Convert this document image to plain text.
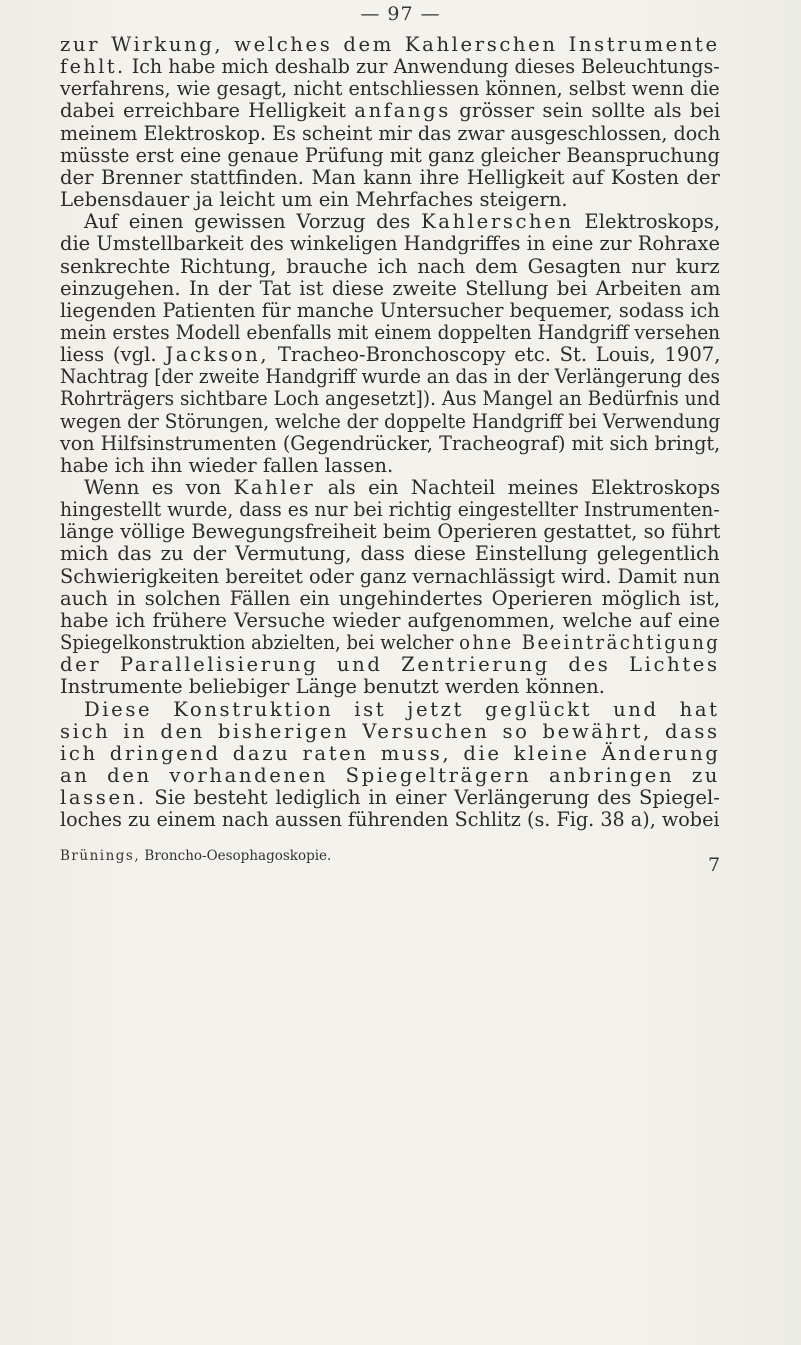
— 97 —
zur Wirkung, welches dem Kahlerschen Instrumente
fehlt. Ich habe mich deshalb zur Anwendung dieses Beleuchtungs-
verfahrens, wie gesagt, nicht entschliessen können, selbst wenn die
dabei erreichbare Helligkeit anfangs grösser sein sollte als bei
meinem Elektroskop. Es scheint mir das zwar ausgeschlossen, doch
müsste erst eine genaue Prüfung mit ganz gleicher Beanspruchung
der Brenner stattfinden. Man kann ihre Helligkeit auf Kosten der
Lebensdauer ja leicht um ein Mehrfaches steigern.
Auf einen gewissen Vorzug des Kahlerschen Elektroskops,
die Umstellbarkeit des winkeligen Handgriffes in eine zur Rohraxe
senkrechte Richtung, brauche ich nach dem Gesagten nur kurz
einzugehen. In der Tat ist diese zweite Stellung bei Arbeiten am
liegenden Patienten für manche Untersucher bequemer, sodass ich
mein erstes Modell ebenfalls mit einem doppelten Handgriff versehen
liess (vgl. Jackson, Tracheo-Bronchoscopy etc. St. Louis, 1907,
Nachtrag [der zweite Handgriff wurde an das in der Verlängerung des
Rohrträgers sichtbare Loch angesetzt]). Aus Mangel an Bedürfnis und
wegen der Störungen, welche der doppelte Handgriff bei Verwendung
von Hilfsinstrumenten (Gegendrücker, Tracheograf) mit sich bringt,
habe ich ihn wieder fallen lassen.
Wenn es von Kahler als ein Nachteil meines Elektroskops
hingestellt wurde, dass es nur bei richtig eingestellter Instrumenten-
länge völlige Bewegungsfreiheit beim Operieren gestattet, so führt
mich das zu der Vermutung, dass diese Einstellung gelegentlich
Schwierigkeiten bereitet oder ganz vernachlässigt wird. Damit nun
auch in solchen Fällen ein ungehindertes Operieren möglich ist,
habe ich frühere Versuche wieder aufgenommen, welche auf eine
Spiegelkonstruktion abzielten, bei welcher ohne Beeinträchtigung
der Parallelisierung und Zentrierung des Lichtes
Instrumente beliebiger Länge benutzt werden können.
Diese Konstruktion ist jetzt geglückt und hat
sich in den bisherigen Versuchen so bewährt, dass
ich dringend dazu raten muss, die kleine Änderung
an den vorhandenen Spiegelträgern anbringen zu
lassen. Sie besteht lediglich in einer Verlängerung des Spiegel-
loches zu einem nach aussen führenden Schlitz (s. Fig. 38 a), wobei
Brünings, Broncho-Oesophagoskopie.	7
